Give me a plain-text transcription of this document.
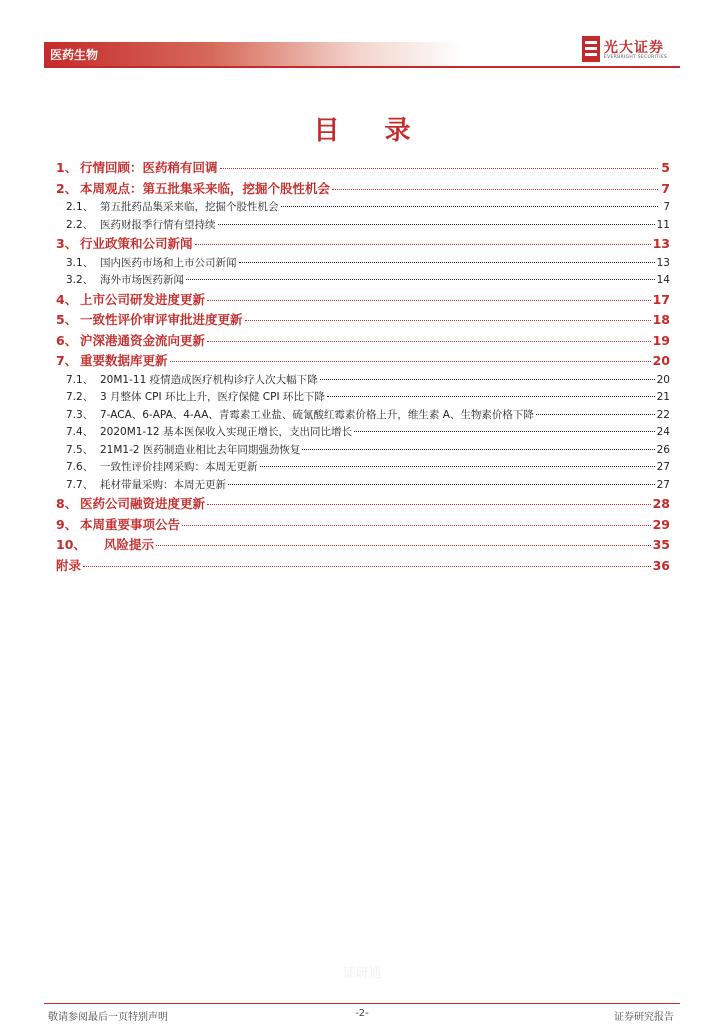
医药生物	光大证券
EVERBRIGHT SECURITIES
目 录
1、 行情回顾：医药稍有回调	5
2、 本周观点：第五批集采来临，挖掘个股性机会	7
2.1、 第五批药品集采来临，挖掘个股性机会	7
2.2、 医药财报季行情有望持续	11
3、 行业政策和公司新闻	13
3.1、 国内医药市场和上市公司新闻	13
3.2、 海外市场医药新闻	14
4、 上市公司研发进度更新	17
5、 一致性评价审评审批进度更新	18
6、 沪深港通资金流向更新	19
7、 重要数据库更新	20
7.1、 20M1-11 疫情造成医疗机构诊疗人次大幅下降	20
7.2、 3 月整体 CPI 环比上升，医疗保健 CPI 环比下降	21
7.3、 7-ACA、6-APA、4-AA、青霉素工业盐、硫氰酸红霉素价格上升，维生素 A、生物素价格下降	22
7.4、 2020M1-12 基本医保收入实现正增长，支出同比增长	24
7.5、 21M1-2 医药制造业相比去年同期强劲恢复	26
7.6、 一致性评价挂网采购：本周无更新	27
7.7、 耗材带量采购：本周无更新	27
8、 医药公司融资进度更新	28
9、 本周重要事项公告	29
10、	风险提示	35
附录	36
证研通
敬请参阅最后一页特别声明	-2-	证券研究报告
